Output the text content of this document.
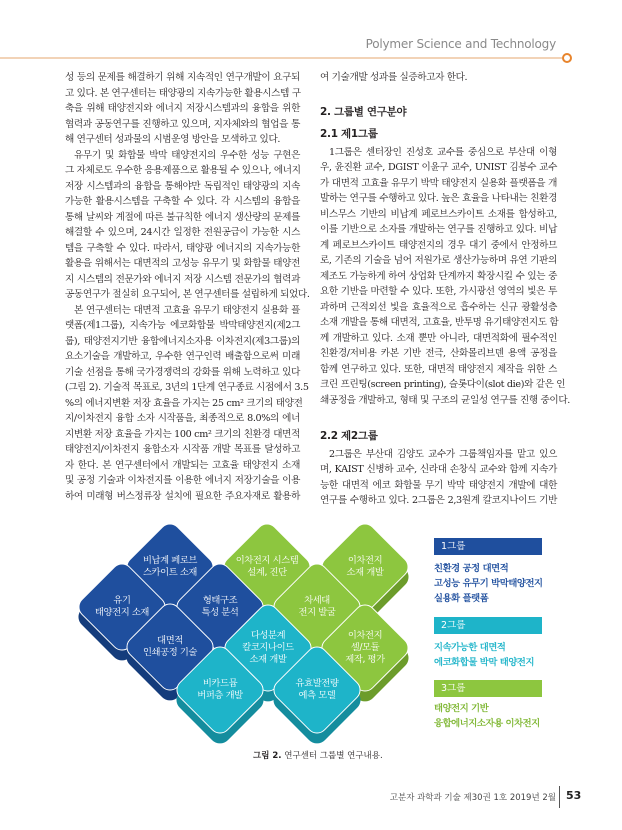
Polymer Science and Technology
성 등의 문제를 해결하기 위해 지속적인 연구개발이 요구되
고 있다. 본 연구센터는 태양광의 지속가능한 활용시스템 구
축을 위해 태양전지와 에너지 저장시스템과의 융합을 위한
협력과 공동연구를 진행하고 있으며, 지자체와의 협업을 통
해 연구센터 성과물의 시범운영 방안을 모색하고 있다.
유무기 및 화합물 박막 태양전지의 우수한 성능 구현은
그 자체로도 우수한 응용제품으로 활용될 수 있으나, 에너지
저장 시스템과의 융합을 통해야만 독립적인 태양광의 지속
가능한 활용시스템을 구축할 수 있다. 각 시스템의 융합을
통해 날씨와 계절에 따른 불규칙한 에너지 생산량의 문제를
해결할 수 있으며, 24시간 일정한 전원공급이 가능한 시스
템을 구축할 수 있다. 따라서, 태양광 에너지의 지속가능한
활용을 위해서는 대면적의 고성능 유무기 및 화합물 태양전
지 시스템의 전문가와 에너지 저장 시스템 전문가의 협력과
공동연구가 절실히 요구되어, 본 연구센터를 설립하게 되었다.
본 연구센터는 대면적 고효율 유무기 태양전지 실용화 플
랫폼(제1그룹), 지속가능 에코화합물 박막태양전지(제2그
룹), 태양전지기반 융합에너지소자용 이차전지(제3그룹)의
요소기술을 개발하고, 우수한 연구인력 배출함으로써 미래
기술 선점을 통해 국가경쟁력의 강화를 위해 노력하고 있다
(그림 2). 기술적 목표로, 3년의 1단계 연구종료 시점에서 3.5
%의 에너지변환 저장 효율을 가지는 25 cm² 크기의 태양전
지/이차전지 융합 소자 시작품을, 최종적으로 8.0%의 에너
지변환 저장 효율을 가지는 100 cm² 크기의 친환경 대면적
태양전지/이차전지 융합소자 시작품 개발 목표를 달성하고
자 한다. 본 연구센터에서 개발되는 고효율 태양전지 소재
및 공정 기술과 이차전지를 이용한 에너지 저장기술을 이용
하여 미래형 버스정류장 설치에 필요한 주요자재로 활용하
여 기술개발 성과를 실증하고자 한다.
2. 그룹별 연구분야
2.1 제1그룹
1그룹은 센터장인 진성호 교수를 중심으로 부산대 이형
우, 윤진환 교수, DGIST 이윤구 교수, UNIST 김봉수 교수
가 대면적 고효율 유무기 박막 태양전지 실용화 플랫폼을 개
발하는 연구를 수행하고 있다. 높은 효율을 나타내는 친환경
비스무스 기반의 비납계 페로브스카이트 소재를 합성하고,
이를 기반으로 소자를 개발하는 연구를 진행하고 있다. 비납
계 페로브스카이트 태양전지의 경우 대기 중에서 안정하므
로, 기존의 기술을 넘어 저원가로 생산가능하며 유연 기판의
제조도 가능하게 하여 상업화 단계까지 확장시킬 수 있는 중
요한 기반을 마련할 수 있다. 또한, 가시광선 영역의 빛은 투
과하며 근적외선 빛을 효율적으로 흡수하는 신규 광활성층
소재 개발을 통해 대면적, 고효율, 반투명 유기태양전지도 함
께 개발하고 있다. 소재 뿐만 아니라, 대면적화에 필수적인
친환경/저비용 카본 기반 전극, 산화몰리브덴 용액 공정을
함께 연구하고 있다. 또한, 대면적 태양전지 제작을 위한 스
크린 프린팅(screen printing), 슬롯다이(slot die)와 같은 인
쇄공정을 개발하고, 형태 및 구조의 균일성 연구를 진행 중이다.
2.2 제2그룹
2그룹은 부산대 김양도 교수가 그룹책임자를 맡고 있으
며, KAIST 신병하 교수, 신라대 손창식 교수와 함께 지속가
능한 대면적 에코 화합물 무기 박막 태양전지 개발에 대한
연구를 수행하고 있다. 2그룹은 2,3원계 칼코지나이드 기반
비납계 페로브
스카이트 소재
이차전지 시스템
설계, 진단
이차전지
소재 개발
유기
태양전지 소재
형태구조
특성 분석
차세대
전지 발굴
대면적
인쇄공정 기술
다성분계
칼코지나이드
소재 개발
이차전지
셀/모듈
제작, 평가
비카드뮴
버퍼층 개발
유효발전량
예측 모델
1그룹
친환경 공정 대면적
고성능 유무기 박막태양전지
실용화 플랫폼
2그룹
지속가능한 대면적
에코화합물 박막 태양전지
3그룹
태양전지 기반
융합에너지소자용 이차전지
그림 2. 연구센터 그룹별 연구내용.
고분자 과학과 기술 제30권 1호 2019년 2월 53
